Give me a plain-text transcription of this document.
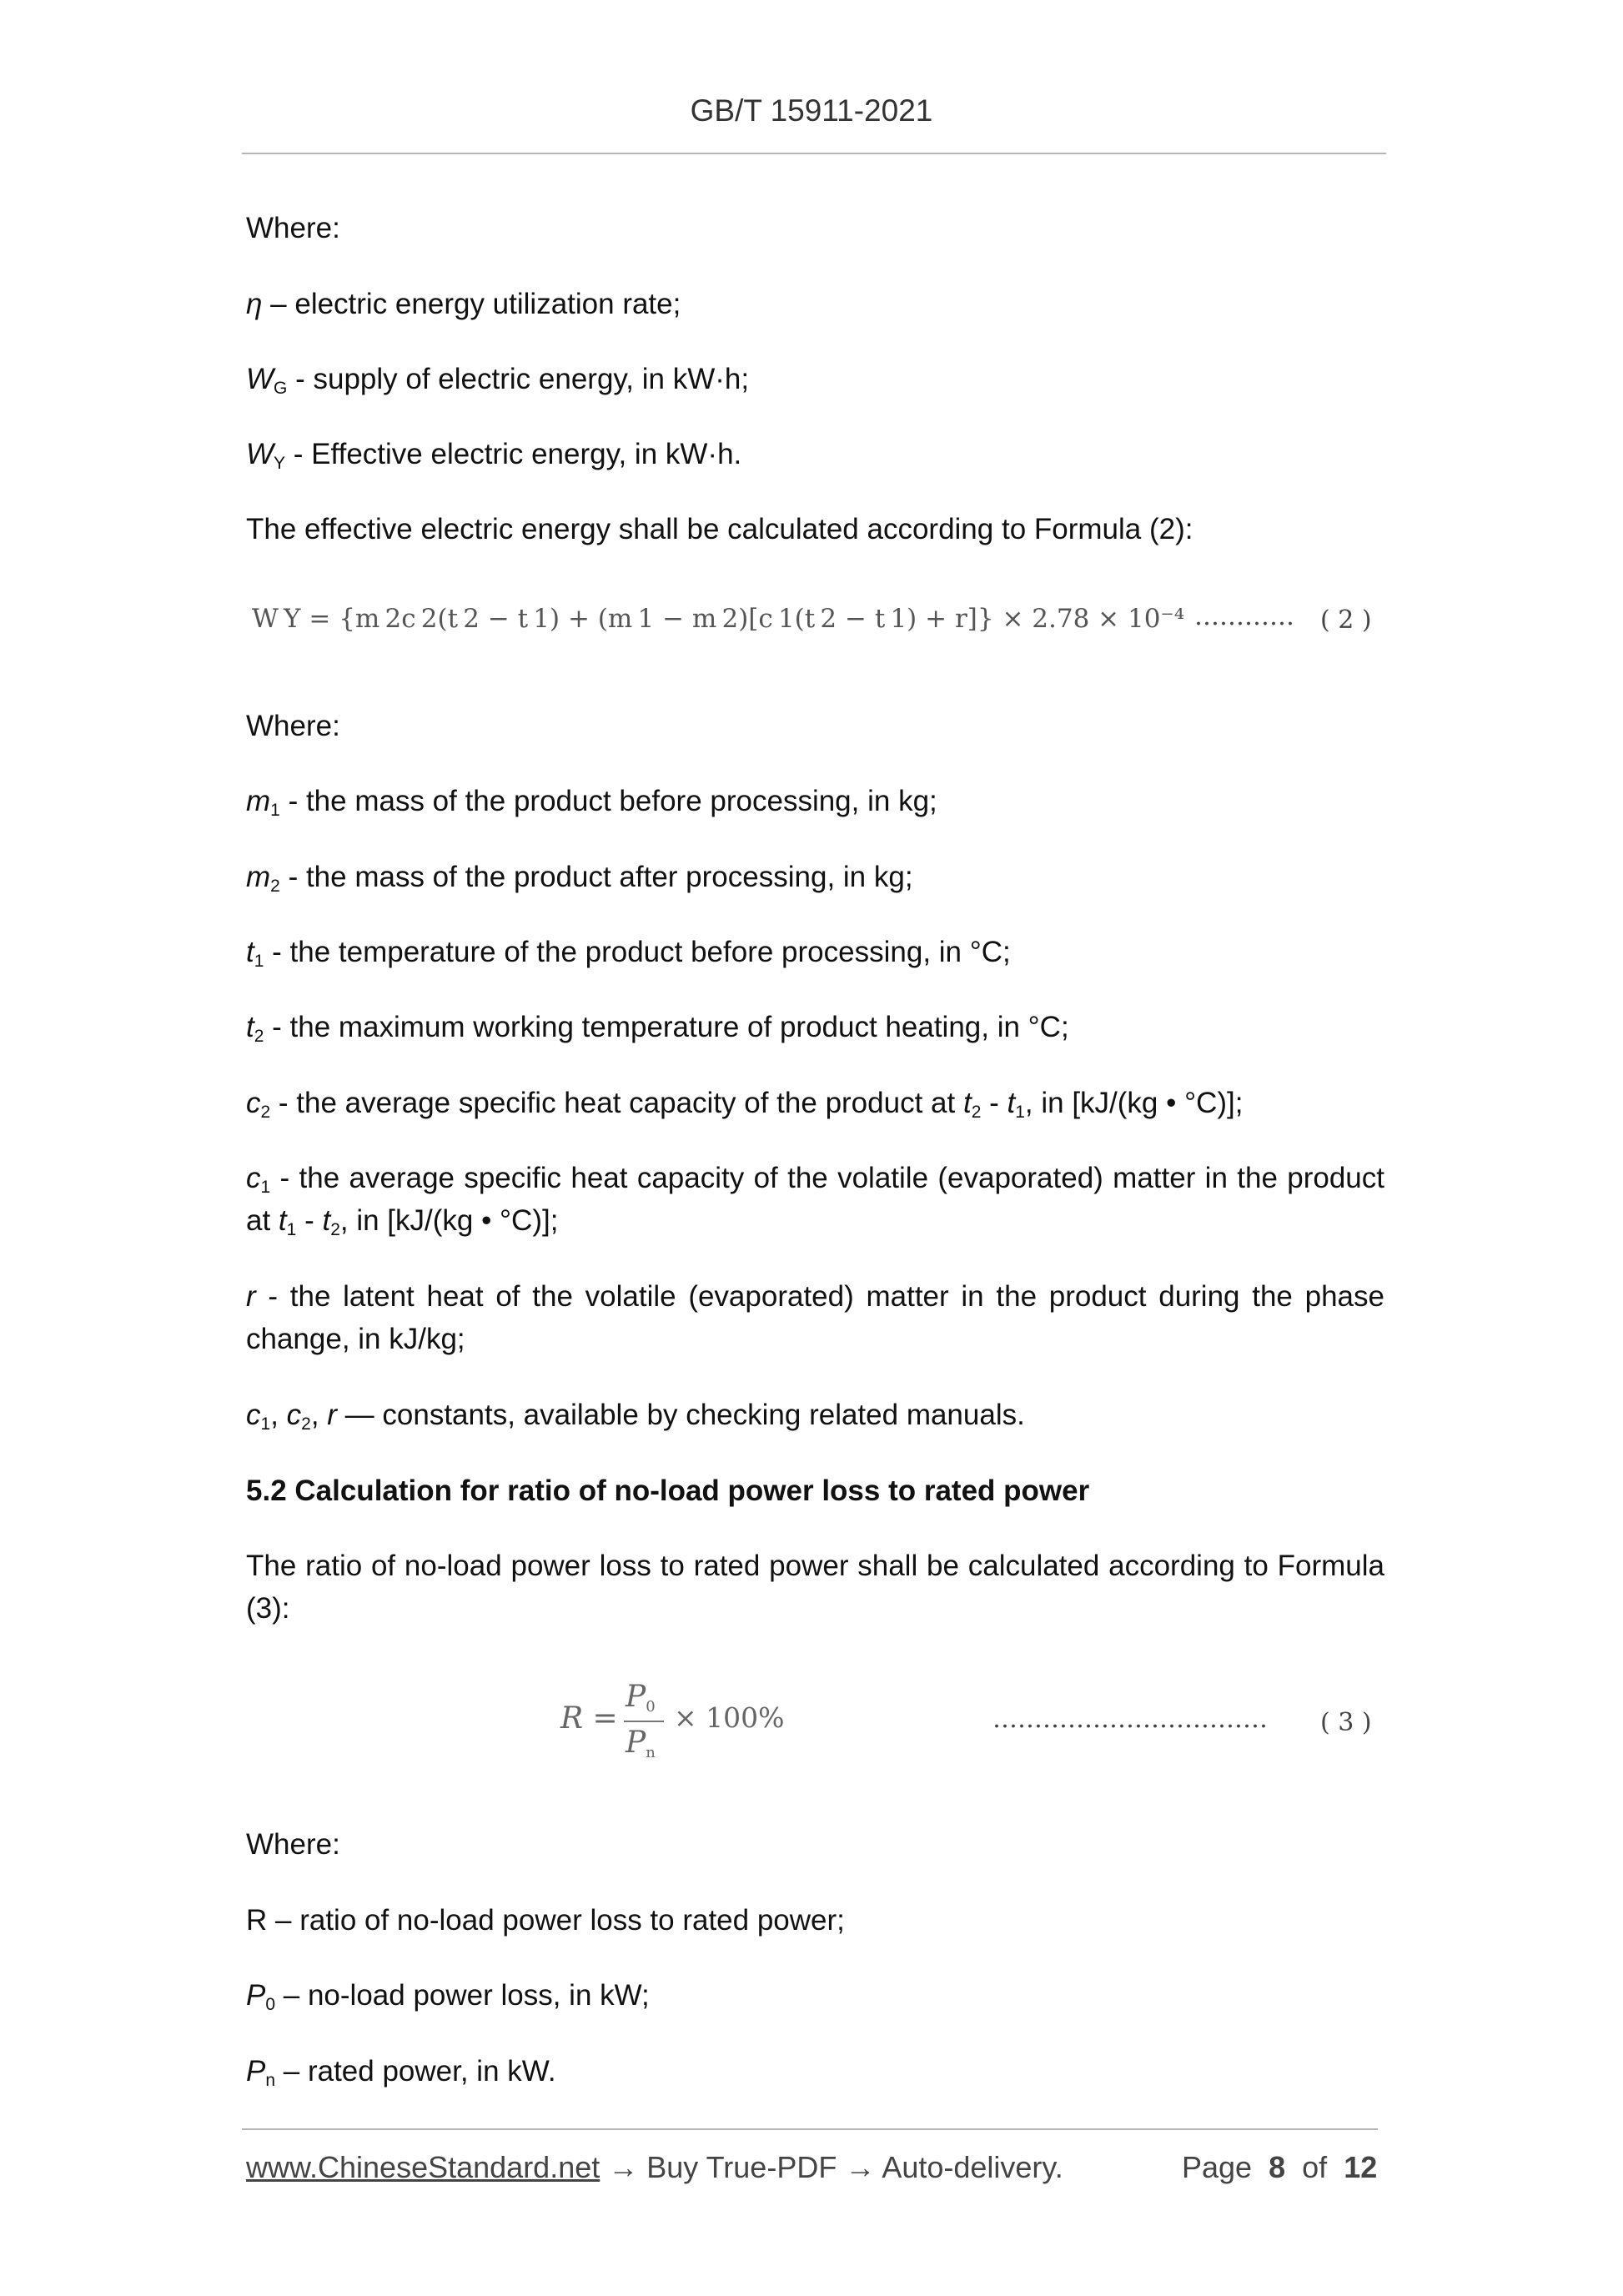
GB/T 15911-2021

Where:

η – electric energy utilization rate;

$W_G$ - supply of electric energy, in kW·h;

$W_Y$ - Effective electric energy, in kW·h.

The effective electric energy shall be calculated according to Formula (2):

W Y = {m 2c 2(t 2 − t 1) + (m 1 − m 2)[c 1(t 2 − t 1) + r]} × 2.78 × 10⁻⁴ ………… ( 2 )

Where:

$m_1$ - the mass of the product before processing, in kg;

$m_2$ - the mass of the product after processing, in kg;

$t_1$ - the temperature of the product before processing, in °C;

$t_2$ - the maximum working temperature of product heating, in °C;

$c_2$ - the average specific heat capacity of the product at $t_2 - t_1$, in [kJ/(kg • °C)];

$c_1$ - the average specific heat capacity of the volatile (evaporated) matter in the product at $t_1 - t_2$, in [kJ/(kg • °C)];

r - the latent heat of the volatile (evaporated) matter in the product during the phase change, in kJ/kg;

$c_1$, $c_2$, r — constants, available by checking related manuals.

5.2 Calculation for ratio of no-load power loss to rated power

The ratio of no-load power loss to rated power shall be calculated according to Formula (3):

R =
$P_0$
$P_n$
× 100%	…………………………… ( 3 )

Where:

R – ratio of no-load power loss to rated power;

$P_0$ – no-load power loss, in kW;

$P_n$ – rated power, in kW.

www.ChineseStandard.net → Buy True-PDF → Auto-delivery.	Page 8 of 12
